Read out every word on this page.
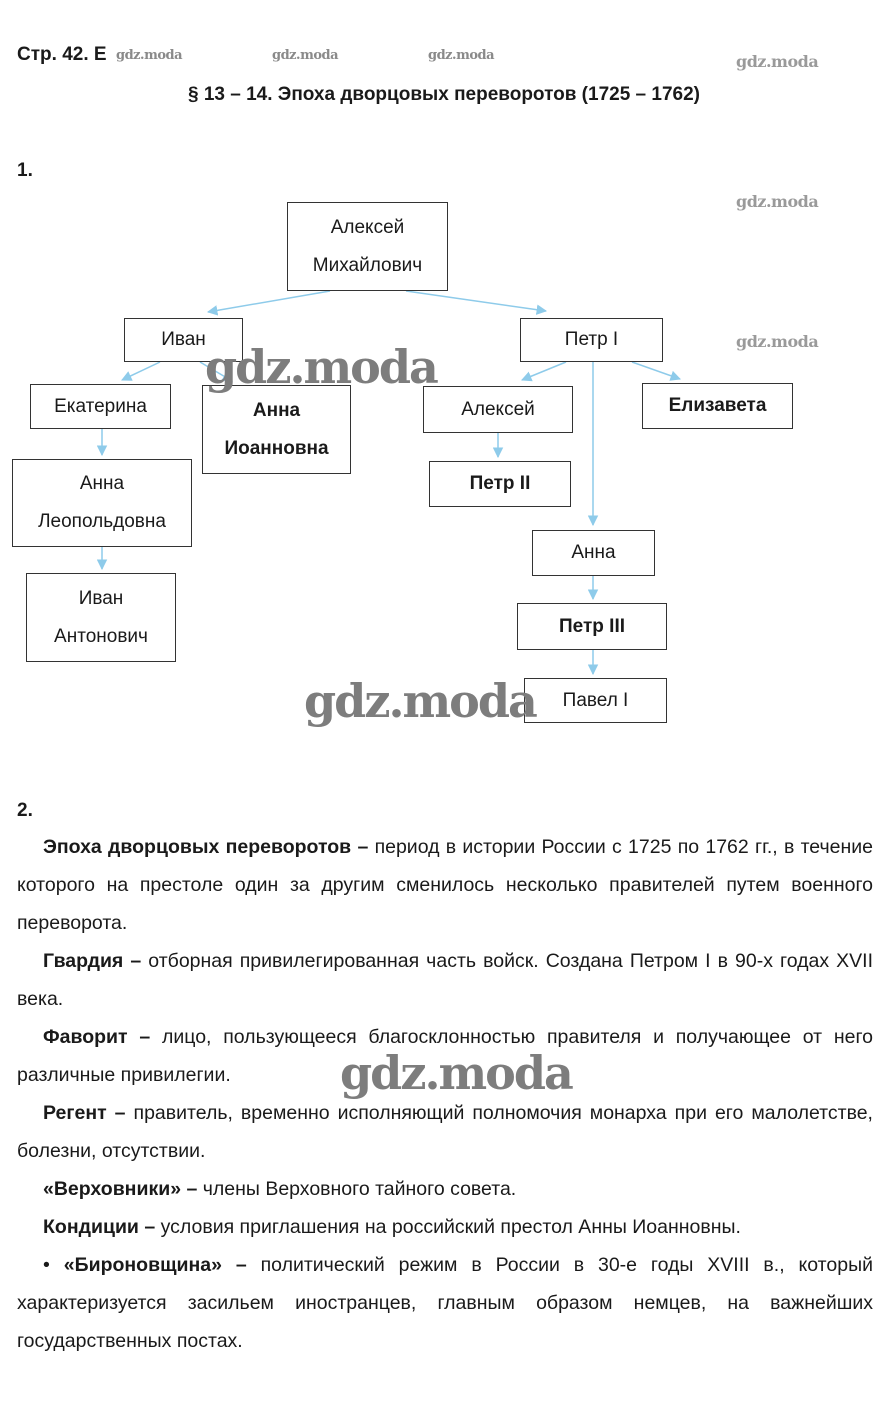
Стр. 42. Е gdz.moda	gdz.moda	gdz.moda	gdz.moda
§ 13 – 14. Эпоха дворцовых переворотов (1725 – 1762)
1.
Алексей
Михайлович
Иван	Петр I
Екатерина	Анна
Иоанновна
Алексей	Елизавета
Петр II
Анна
Леопольдовна
Анна
Иван
Антонович	Петр III
Павел I
gdz.moda
gdz.moda
gdz.moda
gdz.moda
2.

Эпоха дворцовых переворотов – период в истории России с 1725 по 1762 гг., в течение которого на престоле один за другим сменилось несколько правителей путем военного переворота.

Гвардия – отборная привилегированная часть войск. Создана Петром I в 90-х годах XVII века.

Фаворит – лицо, пользующееся благосклонностью правителя и получающее от него различные привилегии.

Регент – правитель, временно исполняющий полномочия монарха при его малолетстве, болезни, отсутствии.

«Верховники» – члены Верховного тайного совета.

Кондиции – условия приглашения на российский престол Анны Иоанновны.

• «Бироновщина» – политический режим в России в 30-е годы XVIII в., который характеризуется засильем иностранцев, главным образом немцев, на важнейших государственных постах.

gdz.moda
